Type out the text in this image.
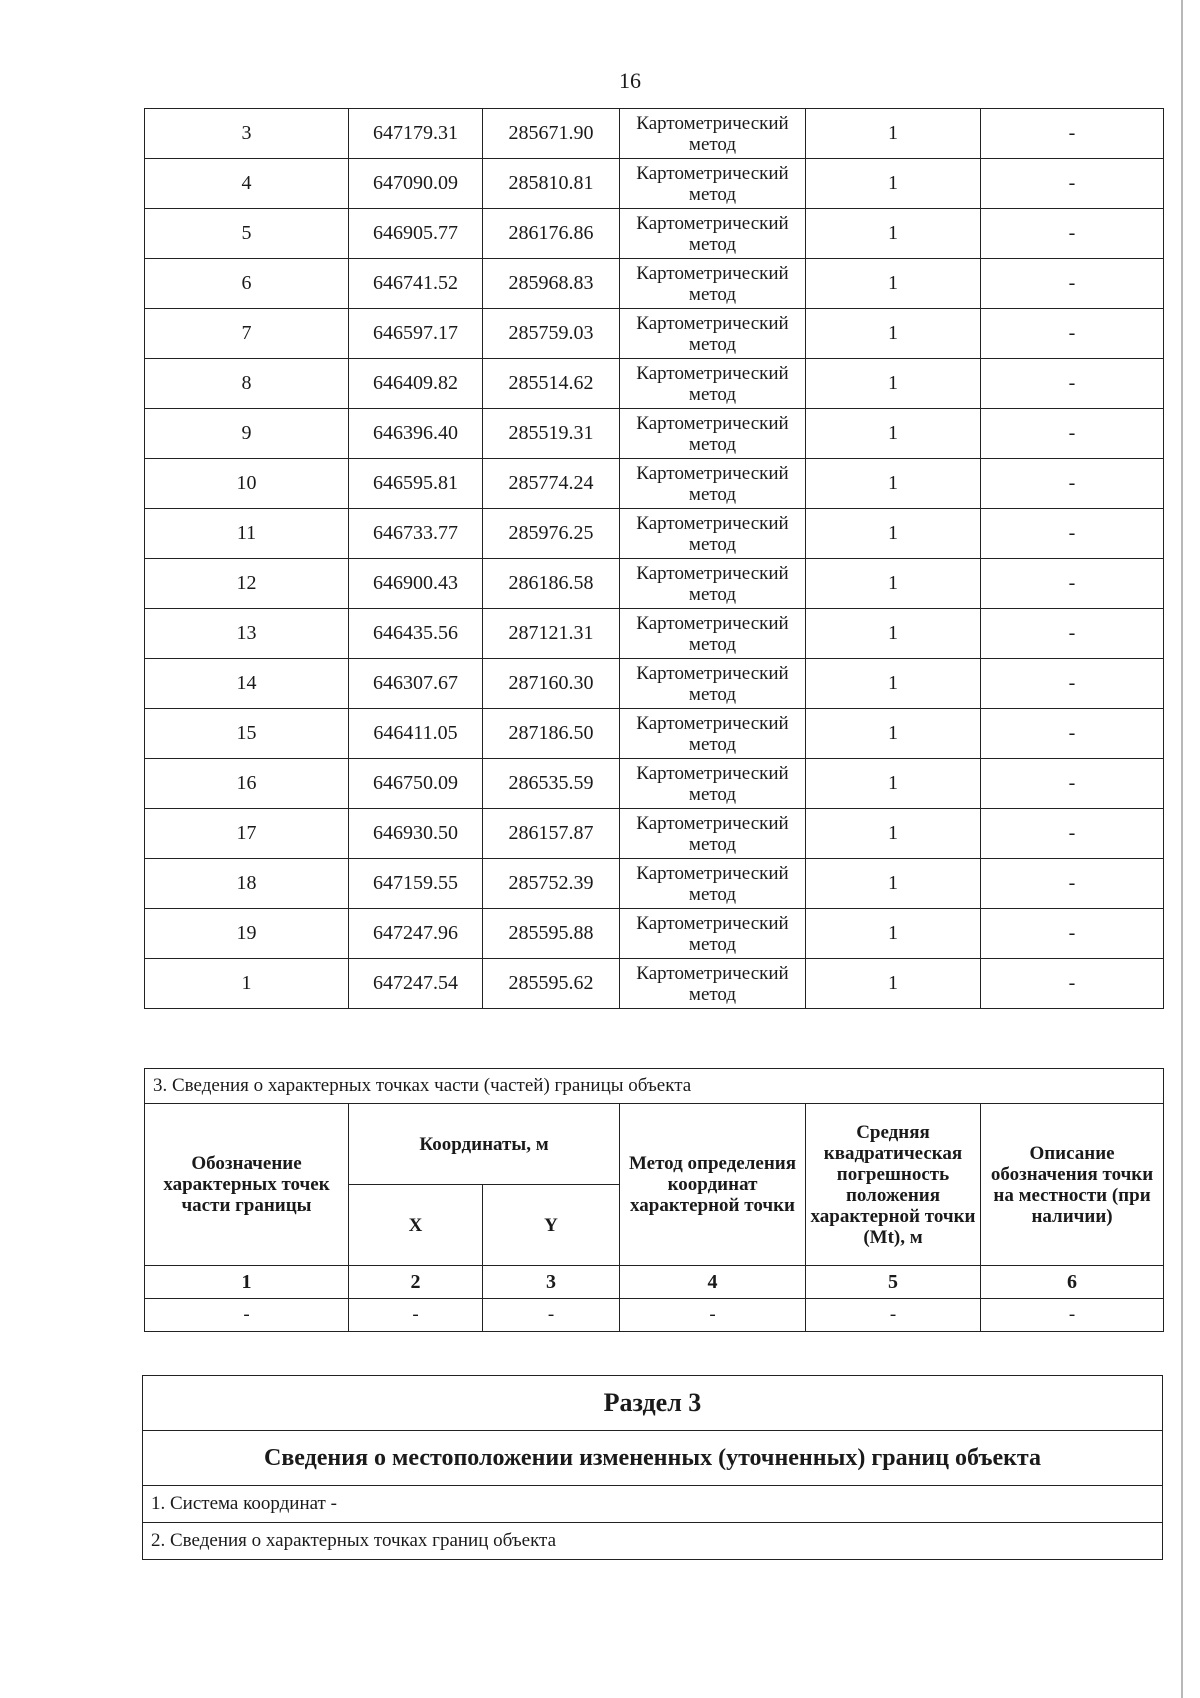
16
3	647179.31	285671.90	Картометрический метод	1	-
4	647090.09	285810.81	Картометрический метод	1	-
5	646905.77	286176.86	Картометрический метод	1	-
6	646741.52	285968.83	Картометрический метод	1	-
7	646597.17	285759.03	Картометрический метод	1	-
8	646409.82	285514.62	Картометрический метод	1	-
9	646396.40	285519.31	Картометрический метод	1	-
10	646595.81	285774.24	Картометрический метод	1	-
11	646733.77	285976.25	Картометрический метод	1	-
12	646900.43	286186.58	Картометрический метод	1	-
13	646435.56	287121.31	Картометрический метод	1	-
14	646307.67	287160.30	Картометрический метод	1	-
15	646411.05	287186.50	Картометрический метод	1	-
16	646750.09	286535.59	Картометрический метод	1	-
17	646930.50	286157.87	Картометрический метод	1	-
18	647159.55	285752.39	Картометрический метод	1	-
19	647247.96	285595.88	Картометрический метод	1	-
1	647247.54	285595.62	Картометрический метод	1	-
3. Сведения о характерных точках части (частей) границы объекта					
Обозначение характерных точек части границы	Координаты, м		Метод определения координат характерной точки	Средняя квадратическая погрешность положения характерной точки (Mt), м	Описание обозначения точки на местности (при наличии)
	X	Y			
1	2	3	4	5	6
-	-	-	-	-	-
Раздел 3
Сведения о местоположении измененных (уточненных) границ объекта
1. Система координат -
2. Сведения о характерных точках границ объекта
